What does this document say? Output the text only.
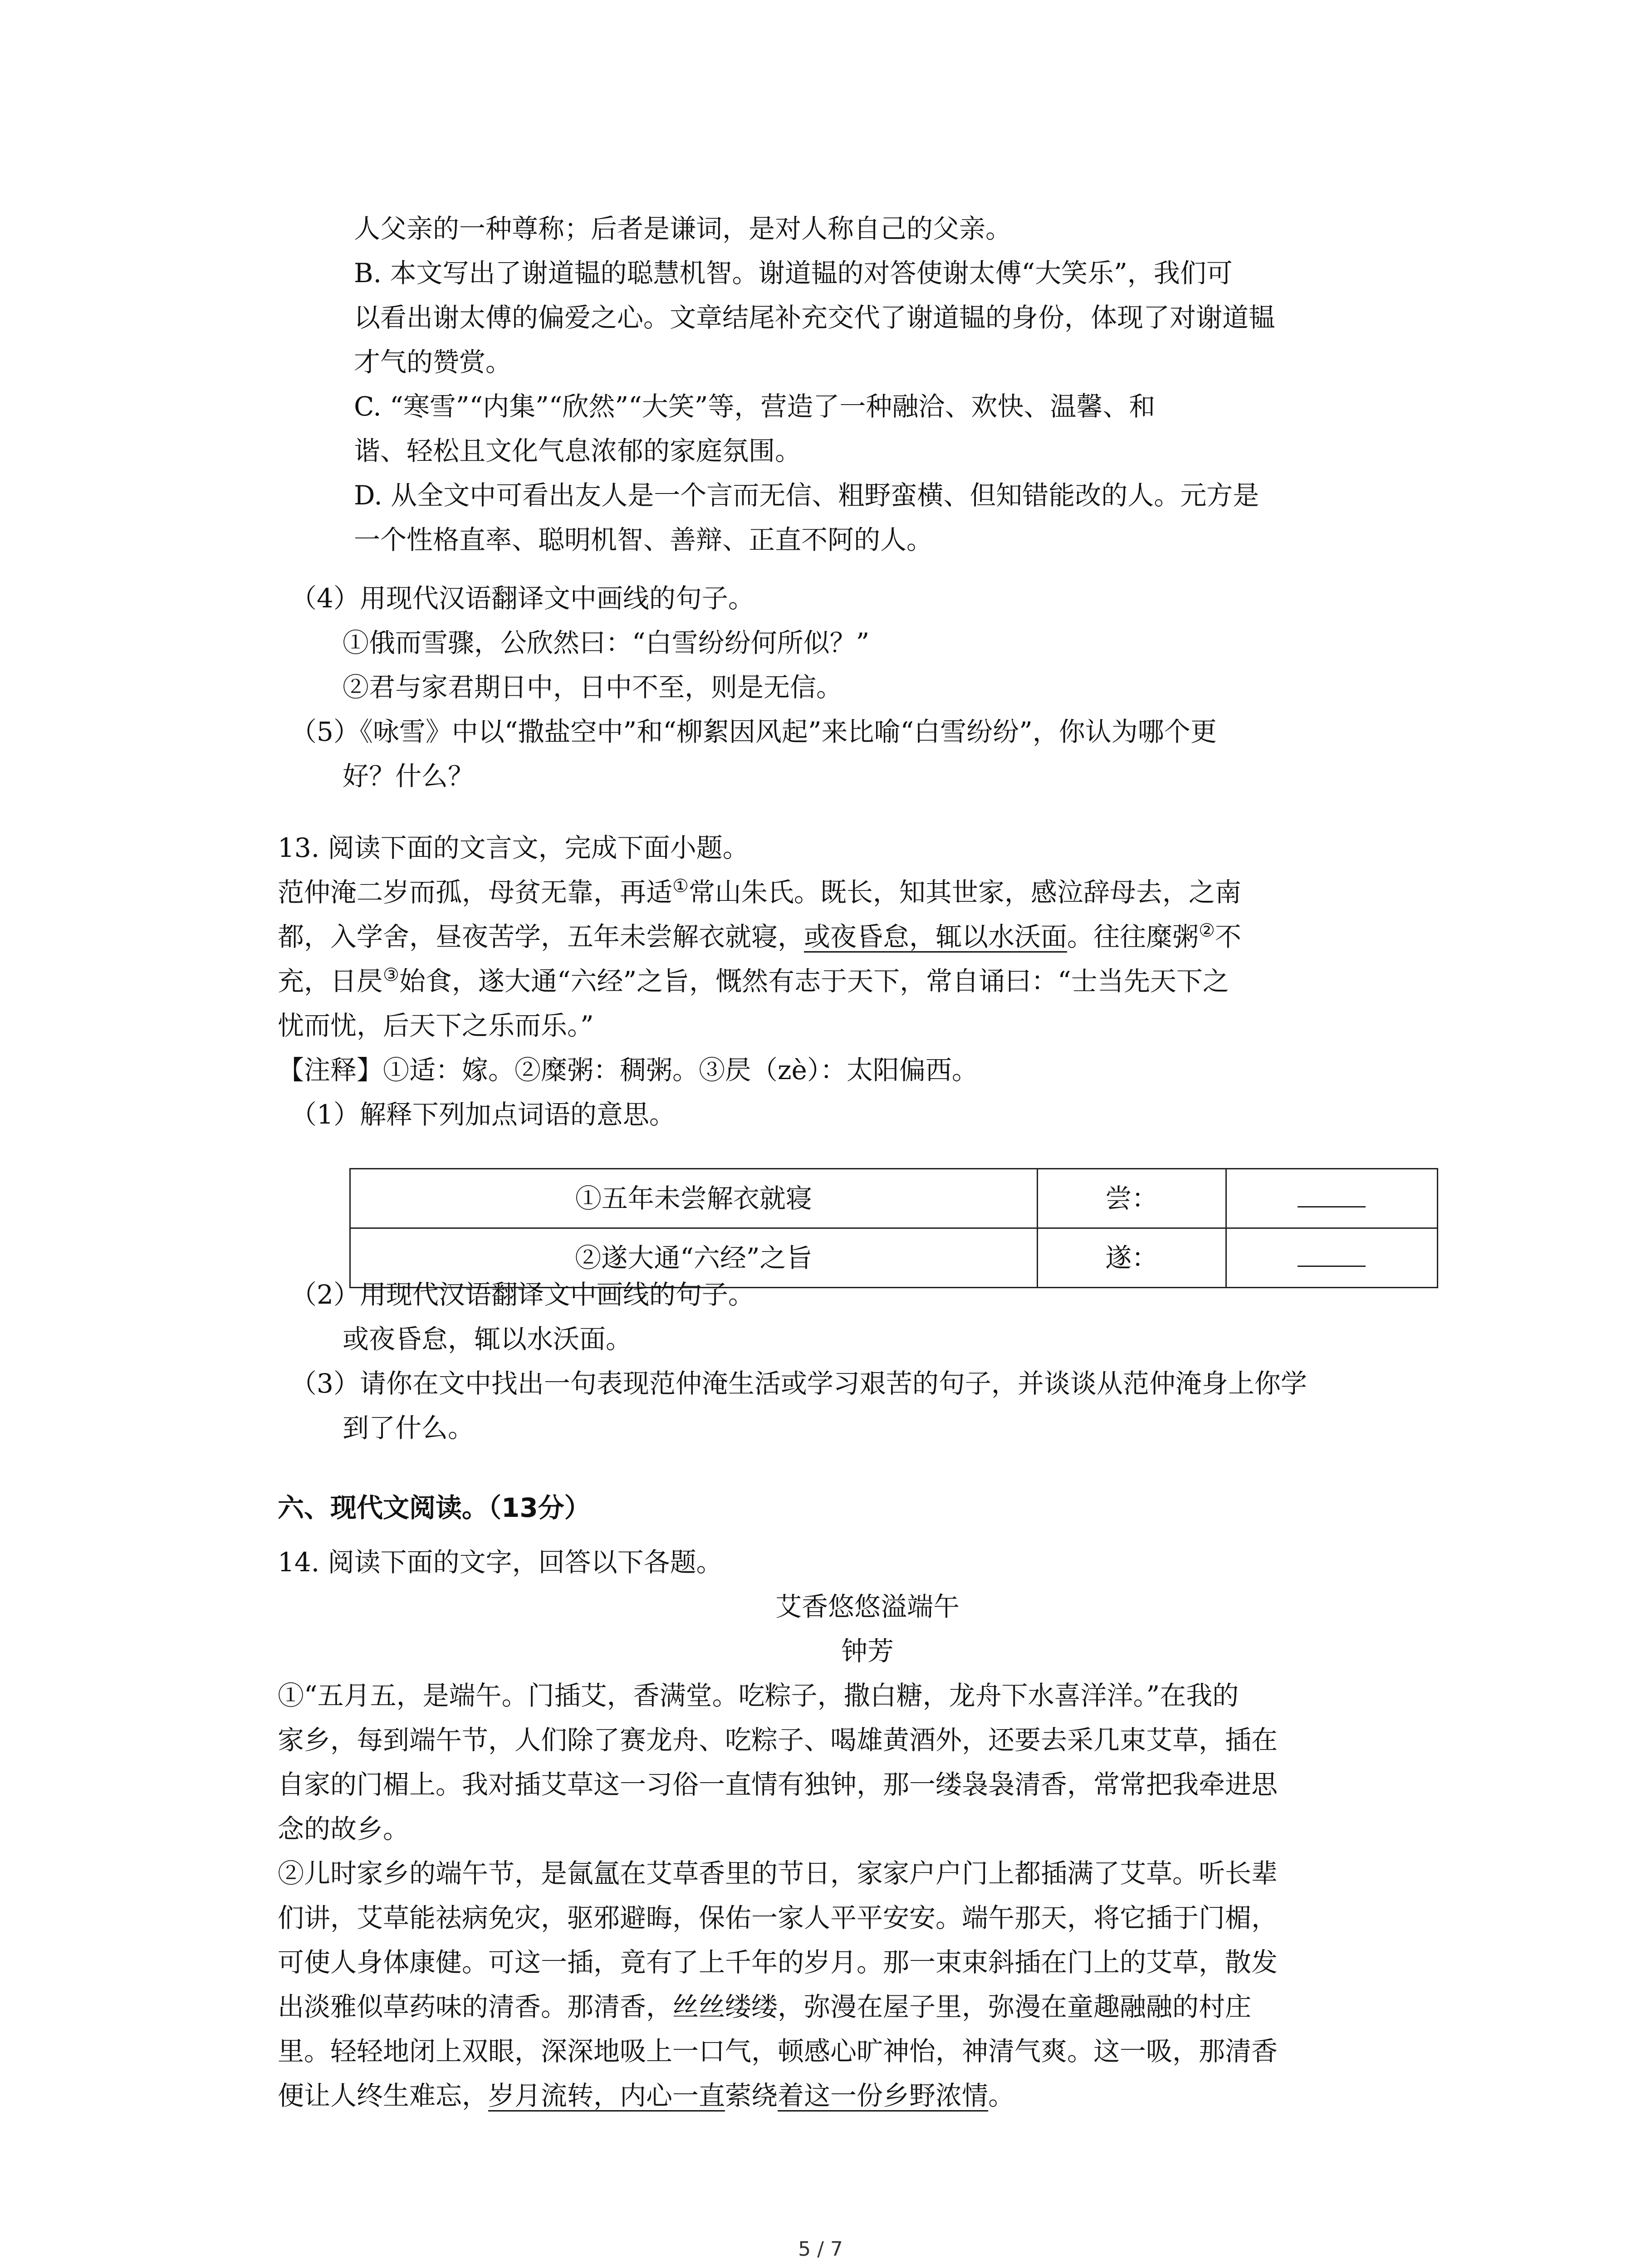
人父亲的一种尊称；后者是谦词，是对人称自己的父亲。

B. 本文写出了谢道韫的聪慧机智。谢道韫的对答使谢太傅“大笑乐”，我们可

以看出谢太傅的偏爱之心。文章结尾补充交代了谢道韫的身份，体现了对谢道韫

才气的赞赏。

C. “寒雪”“内集”“欣然”“大笑”等，营造了一种融洽、欢快、温馨、和

谐、轻松且文化气息浓郁的家庭氛围。

D. 从全文中可看出友人是一个言而无信、粗野蛮横、但知错能改的人。元方是

一个性格直率、聪明机智、善辩、正直不阿的人。

（4）用现代汉语翻译文中画线的句子。

①俄而雪骤，公欣然曰：“白雪纷纷何所似？”

②君与家君期日中，日中不至，则是无信。

（5）《咏雪》中以“撒盐空中”和“柳絮因风起”来比喻“白雪纷纷”，你认为哪个更

好？什么？

13. 阅读下面的文言文，完成下面小题。

范仲淹二岁而孤，母贫无靠，再适①常山朱氏。既长，知其世家，感泣辞母去，之南

都，入学舍，昼夜苦学，五年未尝解衣就寝，或夜昏怠，辄以水沃面。往往糜粥②不

充，日昃③始食，遂大通“六经”之旨，慨然有志于天下，常自诵曰：“士当先天下之

忧而忧，后天下之乐而乐。”

【注释】①适：嫁。②糜粥：稠粥。③昃（zè）：太阳偏西。

（1）解释下列加点词语的意思。

①五年未尝解衣就寝	尝：	
②遂大通“六经”之旨	遂：	

（2）用现代汉语翻译文中画线的句子。

或夜昏怠，辄以水沃面。

（3）请你在文中找出一句表现范仲淹生活或学习艰苦的句子，并谈谈从范仲淹身上你学

到了什么。

六、现代文阅读。（13分）

14. 阅读下面的文字，回答以下各题。

艾香悠悠溢端午

钟芳

①“五月五，是端午。门插艾，香满堂。吃粽子，撒白糖，龙舟下水喜洋洋。”在我的

家乡，每到端午节，人们除了赛龙舟、吃粽子、喝雄黄酒外，还要去采几束艾草，插在

自家的门楣上。我对插艾草这一习俗一直情有独钟，那一缕袅袅清香，常常把我牵进思

念的故乡。

②儿时家乡的端午节，是氤氲在艾草香里的节日，家家户户门上都插满了艾草。听长辈

们讲，艾草能祛病免灾，驱邪避晦，保佑一家人平平安安。端午那天，将它插于门楣，

可使人身体康健。可这一插，竟有了上千年的岁月。那一束束斜插在门上的艾草，散发

出淡雅似草药味的清香。那清香，丝丝缕缕，弥漫在屋子里，弥漫在童趣融融的村庄

里。轻轻地闭上双眼，深深地吸上一口气，顿感心旷神怡，神清气爽。这一吸，那清香

便让人终生难忘，岁月流转，内心一直萦绕着这一份乡野浓情。

5 / 7
